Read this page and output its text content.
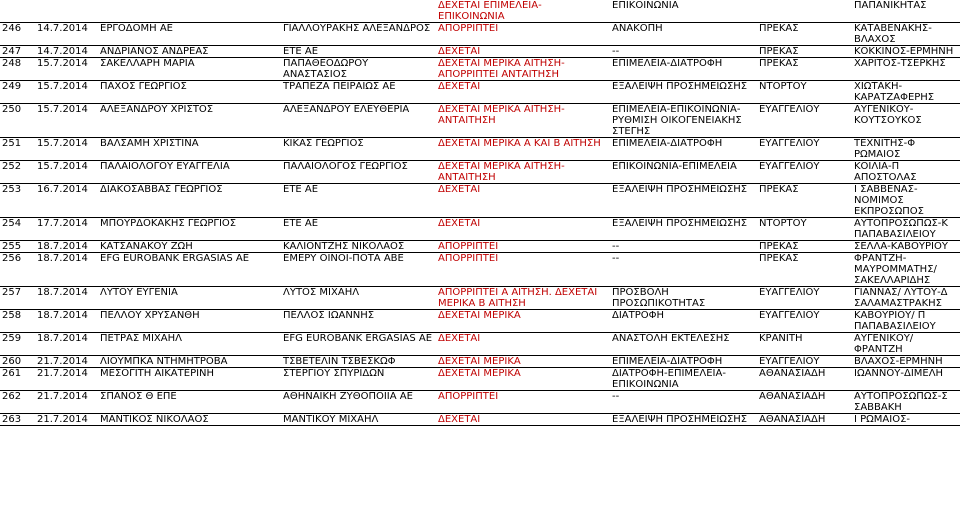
				ΔΕΧΕΤΑΙ ΕΠΙΜΕΛΕΙΑ-ΕΠΙΚΟΙΝΩΝΙΑ	ΕΠΙΚΟΙΝΩΝΙΑ		ΠΑΠΑΝΙΚΗΤΑΣ
246	14.7.2014	ΕΡΓΟΔΟΜΗ ΑΕ	ΓΙΑΛΛΟΥΡΑΚΗΣ ΑΛΕΞΑΝΔΡΟΣ	ΑΠΟΡΡΙΠΤΕΙ	ΑΝΑΚΟΠΗ	ΠΡΕΚΑΣ	ΚΑΤΑΒΕΝΑΚΗΣ-ΒΛΑΧΟΣ
247	14.7.2014	ΑΝΔΡΙΑΝΟΣ ΑΝΔΡΕΑΣ	ΕΤΕ ΑΕ	ΔΕΧΕΤΑΙ	--	ΠΡΕΚΑΣ	ΚΟΚΚΙΝΟΣ-ΕΡΜΗΝΗ
248	15.7.2014	ΣΑΚΕΛΛΑΡΗ ΜΑΡΙΑ	ΠΑΠΑΘΕΟΔΩΡΟΥ ΑΝΑΣΤΑΣΙΟΣ	ΔΕΧΕΤΑΙ ΜΕΡΙΚΑ ΑΙΤΗΣΗ-ΑΠΟΡΡΙΠΤΕΙ ΑΝΤΑΙΤΗΣΗ	ΕΠΙΜΕΛΕΙΑ-ΔΙΑΤΡΟΦΗ	ΠΡΕΚΑΣ	ΧΑΡΙΤΟΣ-ΤΣΕΡΚΗΣ
249	15.7.2014	ΠΑΧΟΣ ΓΕΩΡΓΙΟΣ	ΤΡΑΠΕΖΑ ΠΕΙΡΑΙΩΣ ΑΕ	ΔΕΧΕΤΑΙ	ΕΞΑΛΕΙΨΗ ΠΡΟΣΗΜΕΙΩΣΗΣ	ΝΤΟΡΤΟΥ	ΧΙΩΤΑΚΗ-ΚΑΡΑΤΖΑΦΕΡΗΣ
250	15.7.2014	ΑΛΕΞΑΝΔΡΟΥ ΧΡΙΣΤΟΣ	ΑΛΕΞΑΝΔΡΟΥ ΕΛΕΥΘΕΡΙΑ	ΔΕΧΕΤΑΙ ΜΕΡΙΚΑ ΑΙΤΗΣΗ-ΑΝΤΑΙΤΗΣΗ	ΕΠΙΜΕΛΕΙΑ-ΕΠΙΚΟΙΝΩΝΙΑ-ΡΥΘΜΙΣΗ ΟΙΚΟΓΕΝΕΙΑΚΗΣ ΣΤΕΓΗΣ	ΕΥΑΓΓΕΛΙΟΥ	ΑΥΓΕΝΙΚΟΥ-ΚΟΥΤΣΟΥΚΟΣ
251	15.7.2014	ΒΑΛΣΑΜΗ ΧΡΙΣΤΙΝΑ	ΚΙΚΑΣ ΓΕΩΡΓΙΟΣ	ΔΕΧΕΤΑΙ ΜΕΡΙΚΑ Α ΚΑΙ Β ΑΙΤΗΣΗ	ΕΠΙΜΕΛΕΙΑ-ΔΙΑΤΡΟΦΗ	ΕΥΑΓΓΕΛΙΟΥ	ΤΕΧΝΙΤΗΣ-Φ ΡΩΜΑΙΟΣ
252	15.7.2014	ΠΑΛΑΙΟΛΟΓΟΥ ΕΥΑΓΓΕΛΙΑ	ΠΑΛΑΙΟΛΟΓΟΣ ΓΕΩΡΓΙΟΣ	ΔΕΧΕΤΑΙ ΜΕΡΙΚΑ ΑΙΤΗΣΗ-ΑΝΤΑΙΤΗΣΗ	ΕΠΙΚΟΙΝΩΝΙΑ-ΕΠΙΜΕΛΕΙΑ	ΕΥΑΓΓΕΛΙΟΥ	ΚΟΙΛΙΑ-Π ΑΠΟΣΤΟΛΑΣ
253	16.7.2014	ΔΙΑΚΟΣΑΒΒΑΣ ΓΕΩΡΓΙΟΣ	ΕΤΕ ΑΕ	ΔΕΧΕΤΑΙ	ΕΞΑΛΕΙΨΗ ΠΡΟΣΗΜΕΙΩΣΗΣ	ΠΡΕΚΑΣ	Ι ΣΑΒΒΕΝΑΣ-ΝΟΜΙΜΟΣ ΕΚΠΡΟΣΩΠΟΣ
254	17.7.2014	ΜΠΟΥΡΔΟΚΑΚΗΣ ΓΕΩΡΓΙΟΣ	ΕΤΕ ΑΕ	ΔΕΧΕΤΑΙ	ΕΞΑΛΕΙΨΗ ΠΡΟΣΗΜΕΙΩΣΗΣ	ΝΤΟΡΤΟΥ	ΑΥΤΟΠΡΟΣΩΠΩΣ-Κ ΠΑΠΑΒΑΣΙΛΕΙΟΥ
255	18.7.2014	ΚΑΤΣΑΝΑΚΟΥ ΖΩΗ	ΚΑΛΙΟΝΤΖΗΣ ΝΙΚΟΛΑΟΣ	ΑΠΟΡΡΙΠΤΕΙ	--	ΠΡΕΚΑΣ	ΣΕΛΛΑ-ΚΑΒΟΥΡΙΟΥ
256	18.7.2014	EFG EUROBANK ERGASIAS AE	ΕΜΕΡΥ ΟΙΝΟΙ-ΠΟΤΑ ΑΒΕ	ΑΠΟΡΡΙΠΤΕΙ	--	ΠΡΕΚΑΣ	ΦΡΑΝΤΖΗ-ΜΑΥΡΟΜΜΑΤΗΣ/ ΣΑΚΕΛΛΑΡΙΔΗΣ
257	18.7.2014	ΛΥΤΟΥ ΕΥΓΕΝΙΑ	ΛΥΤΟΣ ΜΙΧΑΗΛ	ΑΠΟΡΡΙΠΤΕΙ Α ΑΙΤΗΣΗ. ΔΕΧΕΤΑΙ ΜΕΡΙΚΑ Β ΑΙΤΗΣΗ	ΠΡΟΣΒΟΛΗ ΠΡΟΣΩΠΙΚΟΤΗΤΑΣ	ΕΥΑΓΓΕΛΙΟΥ	ΓΙΑΝΝΑΣ/ ΛΥΤΟΥ-Δ ΣΑΛΑΜΑΣΤΡΑΚΗΣ
258	18.7.2014	ΠΕΛΛΟΥ ΧΡΥΣΑΝΘΗ	ΠΕΛΛΟΣ ΙΩΑΝΝΗΣ	ΔΕΧΕΤΑΙ ΜΕΡΙΚΑ	ΔΙΑΤΡΟΦΗ	ΕΥΑΓΓΕΛΙΟΥ	ΚΑΒΟΥΡΙΟΥ/ Π ΠΑΠΑΒΑΣΙΛΕΙΟΥ
259	18.7.2014	ΠΕΤΡΑΣ ΜΙΧΑΗΛ	EFG EUROBANK ERGASIAS AE	ΔΕΧΕΤΑΙ	ΑΝΑΣΤΟΛΗ ΕΚΤΕΛΕΣΗΣ	ΚΡΑΝΙΤΗ	ΑΥΓΕΝΙΚΟΥ/ ΦΡΑΝΤΖΗ
260	21.7.2014	ΛΙΟΥΜΠΚΑ ΝΤΗΜΗΤΡΟΒΑ	ΤΣΒΕΤΕΛΙΝ ΤΣΒΕΣΚΩΦ	ΔΕΧΕΤΑΙ ΜΕΡΙΚΑ	ΕΠΙΜΕΛΕΙΑ-ΔΙΑΤΡΟΦΗ	ΕΥΑΓΓΕΛΙΟΥ	ΒΛΑΧΟΣ-ΕΡΜΗΝΗ
261	21.7.2014	ΜΕΣΟΓΙΤΗ ΑΙΚΑΤΕΡΙΝΗ	ΣΤΕΡΓΙΟΥ ΣΠΥΡΙΔΩΝ	ΔΕΧΕΤΑΙ ΜΕΡΙΚΑ	ΔΙΑΤΡΟΦΗ-ΕΠΙΜΕΛΕΙΑ-ΕΠΙΚΟΙΝΩΝΙΑ	ΑΘΑΝΑΣΙΑΔΗ	ΙΩΑΝΝΟΥ-ΔΙΜΕΛΗ
262	21.7.2014	ΣΠΑΝΟΣ Θ ΕΠΕ	ΑΘΗΝΑΪΚΗ ΖΥΘΟΠΟΙΙΑ ΑΕ	ΑΠΟΡΡΙΠΤΕΙ	--	ΑΘΑΝΑΣΙΑΔΗ	ΑΥΤΟΠΡΟΣΩΠΩΣ-Σ ΣΑΒΒΑΚΗ
263	21.7.2014	ΜΑΝΤΙΚΟΣ ΝΙΚΟΛΑΟΣ	ΜΑΝΤΙΚΟΥ ΜΙΧΑΗΛ	ΔΕΧΕΤΑΙ	ΕΞΑΛΕΙΨΗ ΠΡΟΣΗΜΕΙΩΣΗΣ	ΑΘΑΝΑΣΙΑΔΗ	Ι ΡΩΜΑΙΟΣ-
